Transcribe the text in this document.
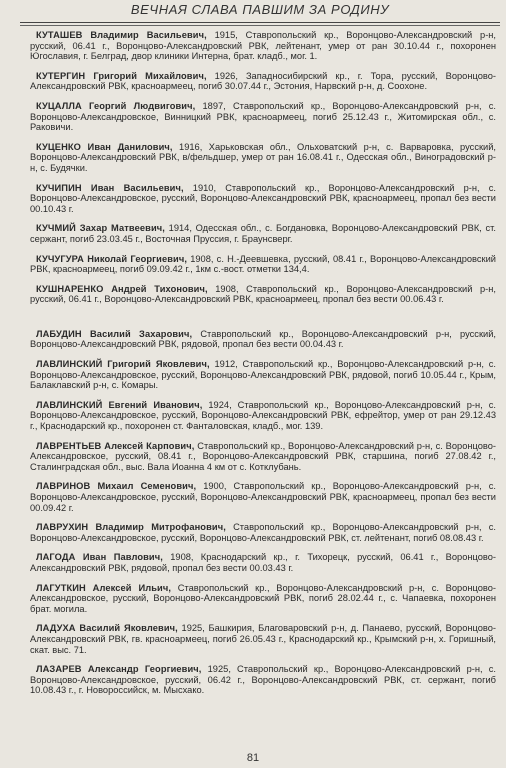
ВЕЧНАЯ СЛАВА ПАВШИМ ЗА РОДИНУ

КУТАШЕВ Владимир Васильевич, 1915, Ставропольский кр., Воронцово-Александровский р-н, русский, 06.41 г., Воронцово-Александровский РВК, лейтенант, умер от ран 30.10.44 г., похоронен Югославия, г. Белград, двор клиники Интерна, брат. кладб., мог. 1.

КУТЕРГИН Григорий Михайлович, 1926, Западносибирский кр., г. Тора, русский, Воронцово-Александровский РВК, красноармеец, погиб 30.07.44 г., Эстония, Нарвский р-н, д. Соохоне.

КУЦАЛЛА Георгий Людвигович, 1897, Ставропольский кр., Воронцово-Александровский р-н, с. Воронцово-Александровское, Винницкий РВК, красноармеец, погиб 25.12.43 г., Житомирская обл., с. Раковичи.

КУЦЕНКО Иван Данилович, 1916, Харьковская обл., Ольховатский р-н, с. Варваровка, русский, Воронцово-Александровский РВК, в/фельдшер, умер от ран 16.08.41 г., Одесская обл., Виноградовский р-н, с. Будячки.

КУЧИПИН Иван Васильевич, 1910, Ставропольский кр., Воронцово-Александровский р-н, с. Воронцово-Александровское, русский, Воронцово-Александровский РВК, красноармеец, пропал без вести 00.10.43 г.

КУЧМИЙ Захар Матвеевич, 1914, Одесская обл., с. Богдановка, Воронцово-Александровский РВК, ст. сержант, погиб 23.03.45 г., Восточная Пруссия, г. Браунсверг.

КУЧУГУРА Николай Георгиевич, 1908, с. Н.-Деевшевка, русский, 08.41 г., Воронцово-Александровский РВК, красноармеец, погиб 09.09.42 г., 1км с.-вост. отметки 134,4.

КУШНАРЕНКО Андрей Тихонович, 1908, Ставропольский кр., Воронцово-Александровский р-н, русский, 06.41 г., Воронцово-Александровский РВК, красноармеец, пропал без вести 00.06.43 г.

ЛАБУДИН Василий Захарович, Ставропольский кр., Воронцово-Александровский р-н, русский, Воронцово-Александровский РВК, рядовой, пропал без вести 00.04.43 г.

ЛАВЛИНСКИЙ Григорий Яковлевич, 1912, Ставропольский кр., Воронцово-Александровский р-н, с. Воронцово-Александровское, русский, Воронцово-Александровский РВК, рядовой, погиб 10.05.44 г., Крым, Балаклавский р-н, с. Комары.

ЛАВЛИНСКИЙ Евгений Иванович, 1924, Ставропольский кр., Воронцово-Александровский р-н, с. Воронцово-Александровское, русский, Воронцово-Александровский РВК, ефрейтор, умер от ран 29.12.43 г., Краснодарский кр., похоронен ст. Фанталовская, кладб., мог. 139.

ЛАВРЕНТЬЕВ Алексей Карпович, Ставропольский кр., Воронцово-Александровский р-н, с. Воронцово-Александровское, русский, 08.41 г., Воронцово-Александровский РВК, старшина, погиб 27.08.42 г., Сталинградская обл., выс. Вала Иоанна 4 км от с. Котклубань.

ЛАВРИНОВ Михаил Семенович, 1900, Ставропольский кр., Воронцово-Александровский р-н, с. Воронцово-Александровское, русский, Воронцово-Александровский РВК, красноармеец, пропал без вести 00.09.42 г.

ЛАВРУХИН Владимир Митрофанович, Ставропольский кр., Воронцово-Александровский р-н, с. Воронцово-Александровское, русский, Воронцово-Александровский РВК, ст. лейтенант, погиб 08.08.43 г.

ЛАГОДА Иван Павлович, 1908, Краснодарский кр., г. Тихорецк, русский, 06.41 г., Воронцово-Александровский РВК, рядовой, пропал без вести 00.03.43 г.

ЛАГУТКИН Алексей Ильич, Ставропольский кр., Воронцово-Александровский р-н, с. Воронцово-Александровское, русский, Воронцово-Александровский РВК, погиб 28.02.44 г., с. Чапаевка, похоронен брат. могила.

ЛАДУХА Василий Яковлевич, 1925, Башкирия, Благоваровский р-н, д. Панаево, русский, Воронцово-Александровский РВК, гв. красноармеец, погиб 26.05.43 г., Краснодарский кр., Крымский р-н, х. Горишный, скат. выс. 71.

ЛАЗАРЕВ Александр Георгиевич, 1925, Ставропольский кр., Воронцово-Александровский р-н, с. Воронцово-Александровское, русский, 06.42 г., Воронцово-Александровский РВК, ст. сержант, погиб 10.08.43 г., г. Новороссийск, м. Мысхако.

81
